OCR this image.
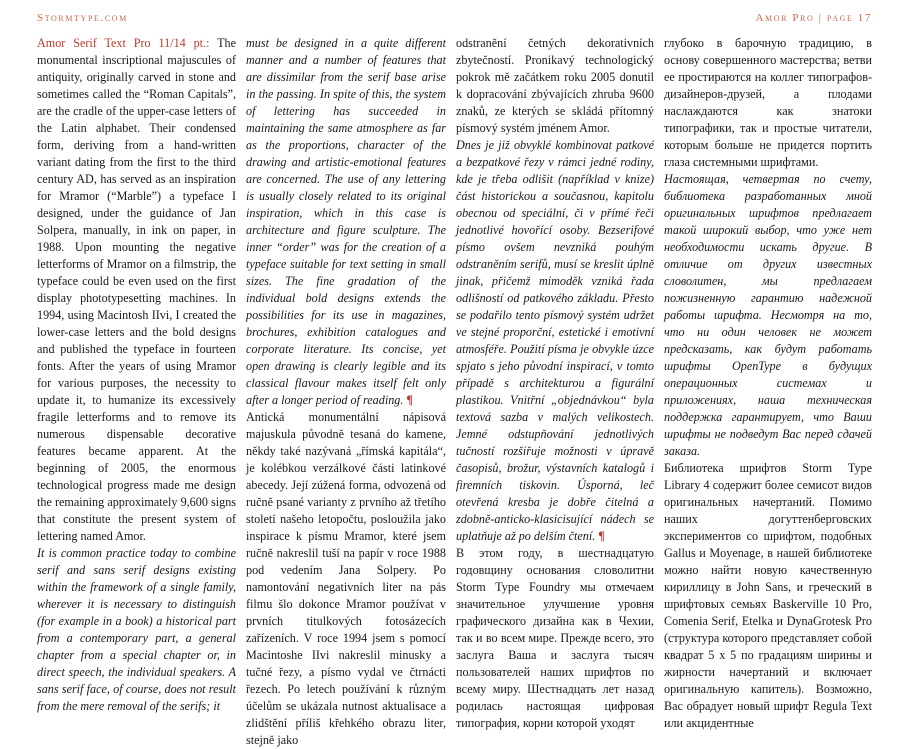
Stormtype.com	Amor Pro | page 17

Amor Serif Text Pro 11/14 pt.: The monumental inscriptional majuscules of antiquity, originally carved in stone and sometimes called the “Roman Capitals”, are the cradle of the upper-case letters of the Latin alphabet. Their condensed form, deriving from a hand-written variant dating from the first to the third century AD, has served as an inspiration for Mramor (“Marble”) a typeface I designed, under the guidance of Jan Solpera, manually, in ink on paper, in 1988. Upon mounting the negative letterforms of Mramor on a filmstrip, the typeface could be even used on the first display phototypesetting machines. In 1994, using Macintosh IIvi, I created the lower-case letters and the bold designs and published the typeface in fourteen fonts. After the years of using Mramor for various purposes, the necessity to update it, to humanize its excessively fragile letterforms and to remove its numerous dispensable decorative features became apparent. At the beginning of 2005, the enormous technological progress made me design the remaining approximately 9,600 signs that constitute the present system of lettering named Amor.

It is common practice today to combine serif and sans serif designs existing within the framework of a single family, wherever it is necessary to distinguish (for example in a book) a historical part from a contemporary part, a general chapter from a special chapter or, in direct speech, the individual speakers. A sans serif face, of course, does not result from the mere removal of the serifs; it

must be designed in a quite different manner and a number of features that are dissimilar from the serif base arise in the passing. In spite of this, the system of lettering has succeeded in maintaining the same atmosphere as far as the proportions, character of the drawing and artistic-emotional features are concerned. The use of any lettering is usually closely related to its original inspiration, which in this case is architecture and figure sculpture. The inner “order” was for the creation of a typeface suitable for text setting in small sizes. The fine gradation of the individual bold designs extends the possibilities for its use in magazines, brochures, exhibition catalogues and corporate literature. Its concise, yet open drawing is clearly legible and its classical flavour makes itself felt only after a longer period of reading. ¶

Antická monumentální nápisová majuskula původně tesaná do kamene, někdy také nazývaná „římská kapitála“, je kolébkou verzálkové části latinkové abecedy. Její zúžená forma, odvozená od ručně psané varianty z prvního až třetího století našeho letopočtu, posloužila jako inspirace k písmu Mramor, které jsem ručně nakreslil tuší na papír v roce 1988 pod vedením Jana Solpery. Po namontování negativních liter na pás filmu šlo dokonce Mramor používat v prvních titulkových fotosázecích zařízeních. V roce 1994 jsem s pomocí Macintoshe IIvi nakreslil minusky a tučné řezy, a písmo vydal ve čtrnácti řezech. Po letech používání k různým účelům se ukázala nutnost aktualisace a zlidštění příliš křehkého obrazu liter, stejně jako

odstranění četných dekorativních zbytečností. Pronikavý technologický pokrok mě začátkem roku 2005 donutil k dopracování zbývajících zhruba 9600 znaků, ze kterých se skládá přítomný písmový systém jménem Amor.

Dnes je již obvyklé kombinovat patkové a bezpatkové řezy v rámci jedné rodiny, kde je třeba odlišit (například v knize) část historickou a současnou, kapitolu obecnou od speciální, či v přímé řeči jednotlivé hovořící osoby. Bezserifové písmo ovšem nevzniká pouhým odstraněním serifů, musí se kreslit úplně jinak, přičemž mimoděk vzniká řada odlišností od patkového základu. Přesto se podařilo tento písmový systém udržet ve stejné proporční, estetické i emotivní atmosféře. Použití písma je obvykle úzce spjato s jeho původní inspirací, v tomto případě s architekturou a figurální plastikou. Vnitřní „objednávkou“ byla textová sazba v malých velikostech. Jemné odstupňování jednotlivých tučností rozšiřuje možnosti v úpravě časopisů, brožur, výstavních katalogů i firemních tiskovin. Úsporná, leč otevřená kresba je dobře čitelná a zdobně-anticko-klasicisující nádech se uplatňuje až po delším čtení. ¶

В этом году, в шестнадцатую годовщину основания словолитни Storm Type Foundry мы отмечаем значительное улучшение уровня графического дизайна как в Чехии, так и во всем мире. Прежде всего, это заслуга Ваша и заслуга тысяч пользователей наших шрифтов по всему миру. Шестнадцать лет назад родилась настоящая цифровая типография, корни которой уходят

глубоко в барочную традицию, в основу совершенного мастерства; ветви ее простираются на коллег типографов-дизайнеров-друзей, а плодами наслаждаются как знатоки типографики, так и простые читатели, которым больше не придется портить глаза системными шрифтами.

Настоящая, четвертая по счету, библиотека разработанных мной оригинальных шрифтов предлагает такой широкий выбор, что уже нет необходимости искать другие. В отличие от других известных словолитен, мы предлагаем пожизненную гарантию надежной работы шрифта. Несмотря на то, что ни один человек не может предсказать, как будут работать шрифты OpenType в будущих операционных системах и приложениях, наша техническая поддержка гарантирует, что Ваши шрифты не подведут Вас перед сдачей заказа.

Библиотека шрифтов Storm Type Library 4 содержит более семисот видов оригинальных начертаний. Помимо наших догуттенберговских экспериментов со шрифтом, подобных Gallus и Moyenage, в нашей библиотеке можно найти новую качественную кириллицу в John Sans, и греческий в шрифтовых семьях Baskerville 10 Pro, Comenia Serif, Etelka и DynaGrotesk Pro (структура которого представляет собой квадрат 5 x 5 по градациям ширины и жирности начертаний и включает оригинальную капитель). Возможно, Вас обрадует новый шрифт Regula Text или акцидентные
